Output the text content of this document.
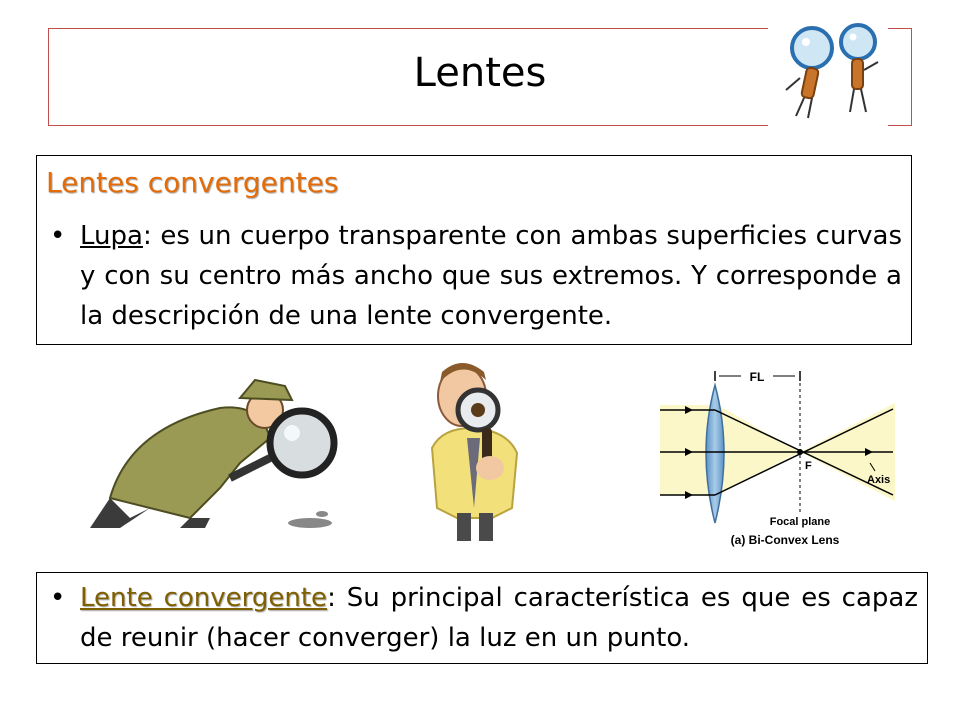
Lentes
Lentes convergentes
• Lupa: es un cuerpo transparente con ambas superficies curvas y con su centro más ancho que sus extremos. Y corresponde a la descripción de una lente convergente.
FL
F
Axis
Focal plane
(a) Bi-Convex Lens
• Lente convergente: Su principal característica es que es capaz de reunir (hacer converger) la luz en un punto.
